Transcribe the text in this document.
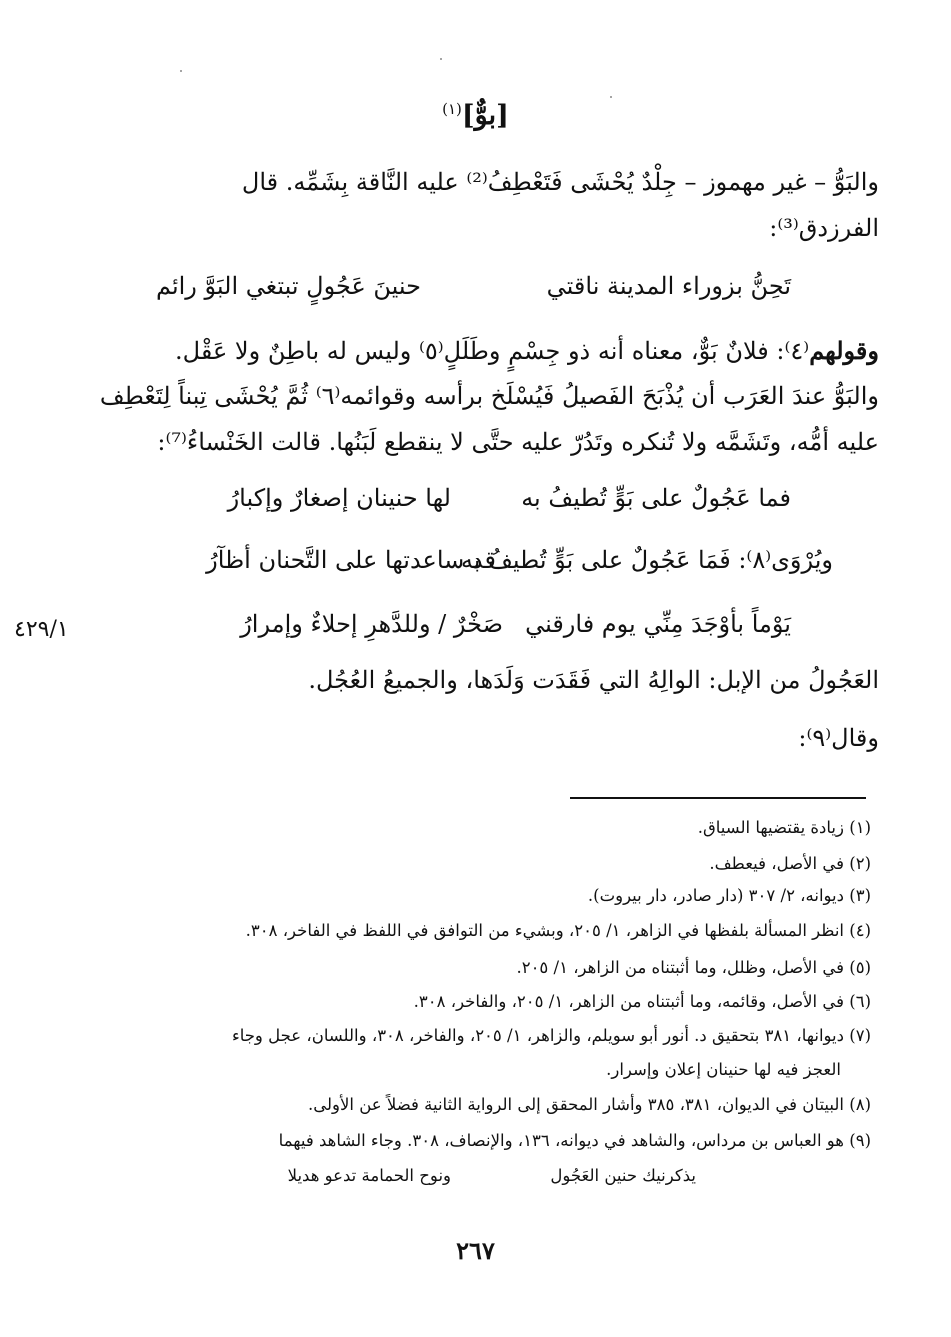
[بوٌّ]$^{(١)}$
والبَوُّ – غير مهموز – جِلْدٌ يُحْشَى فَتَعْطِفُ⁽²⁾ عليه النَّاقة بِشَمِّه. قال
الفرزدق⁽³⁾:
تَحِنُّ بزوراء المدينة ناقتي
حنينَ عَجُولٍ تبتغي البَوَّ رائم
وقولهم⁽٤⁾: فلانٌ بَوٌّ، معناه أنه ذو جِسْمٍ وطَلَلٍ⁽٥⁾ وليس له باطِنٌ ولا عَقْل.
والبَوُّ عندَ العَرَب أن يُذْبَحَ الفَصيلُ فَيُسْلَخ برأسه وقوائمه⁽٦⁾ ثُمَّ يُحْشَى تِبناً لِتَعْطِف
عليه أمُّه، وتَشَمَّه ولا تُنكره وتَدُرّ عليه حتَّى لا ينقطع لَبَنُها. قالت الخَنْساءُ⁽⁷⁾:
فما عَجُولٌ على بَوٍّ تُطيفُ به
لها حنينان إصغارٌ وإكبارُ
ويُرْوَى⁽٨⁾: فَمَا عَجُولٌ على بَوٍّ تُطيفُ به
قد ساعدتها على التَّحنان أظآرُ
يَوْماً بأوْجَدَ مِنِّي يوم فارقني
صَخْرٌ / وللدَّهرِ إحلاءٌ وإمرارُ
٤٢٩/١
العَجُولُ من الإبل: الوالِهُ التي فَقَدَت وَلَدَها، والجميعُ العُجُل.
وقال⁽٩⁾:
(١) زيادة يقتضيها السياق.
(٢) في الأصل، فيعطف.
(٣) ديوانه، ٢/ ٣٠٧ (دار صادر، دار بيروت).
(٤) انظر المسألة بلفظها في الزاهر، ١/ ٢٠٥، وبشيء من التوافق في اللفظ في الفاخر، ٣٠٨.
(٥) في الأصل، وظلل، وما أثبتناه من الزاهر، ١/ ٢٠٥.
(٦) في الأصل، وقائمه، وما أثبتناه من الزاهر، ١/ ٢٠٥، والفاخر، ٣٠٨.
(٧) ديوانها، ٣٨١ بتحقيق د. أنور أبو سويلم، والزاهر، ١/ ٢٠٥، والفاخر، ٣٠٨، واللسان، عجل وجاء
العجز فيه لها حنينان إعلان وإسرار.
(٨) البيتان في الديوان، ٣٨١، ٣٨٥ وأشار المحقق إلى الرواية الثانية فضلاً عن الأولى.
(٩) هو العباس بن مرداس، والشاهد في ديوانه، ١٣٦، والإنصاف، ٣٠٨. وجاء الشاهد فيهما
يذكرنيك حنين العَجُول
ونوح الحمامة تدعو هديلا
٢٦٧
